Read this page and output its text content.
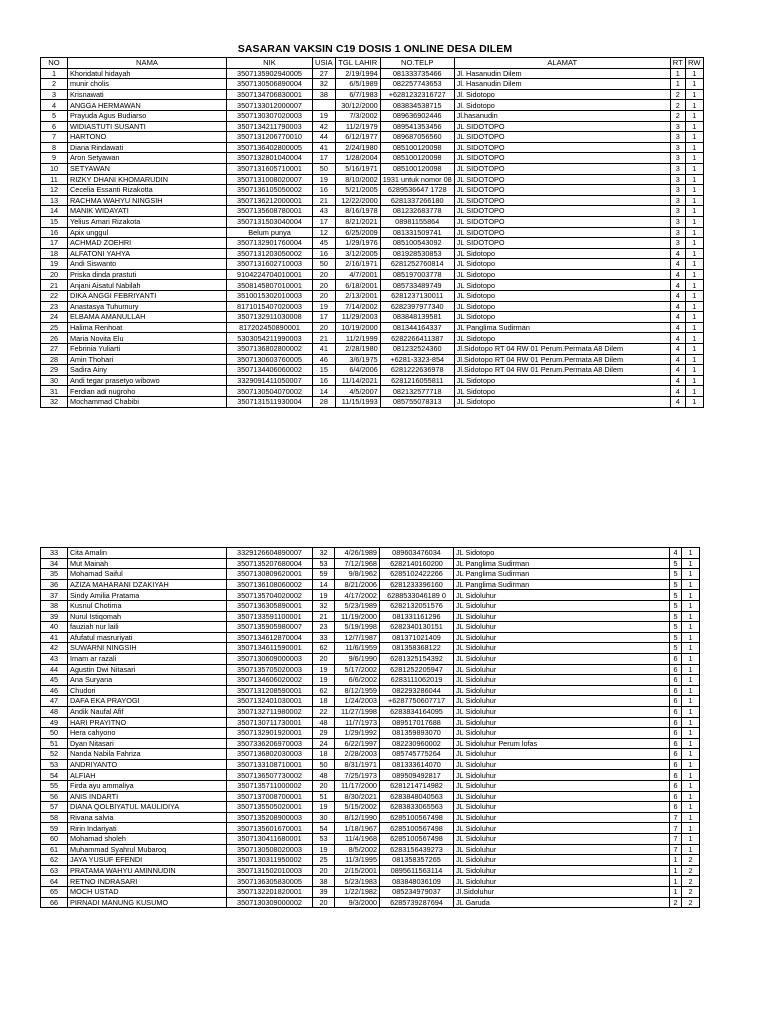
SASARAN VAKSIN C19 DOSIS 1 ONLINE DESA DILEM
NO	NAMA	NIK	USIA	TGL LAHIR	NO.TELP	ALAMAT	RT	RW
1	Khoridatul hidayah	3507135902940005	27	2/19/1994	081333735466	Jl. Hasanudin Dilem	1	1
2	munir cholis	3507130506890004	32	6/5/1989	082257743653	Jl. Hasanudin Dilem	1	1
3	Krisnawati	3507134706830001	38	6/7/1983	+6281232316727	Jl. Sidotopo	2	1
4	ANGGA HERMAWAN	3507133012000007		30/12/2000	083834538715	Jl. Sidotopo	2	1
5	Prayuda Agus Budiarso	3507130307020003	19	7/3/2002	089636902446	Jl.hasanudin	2	1
6	WIDIASTUTI SUSANTI	3507134211790003	42	11/2/1979	089541353456	JL SIDOTOPO	3	1
7	HARTONO	3507131206770010	44	6/12/1977	089687056560	JL SIDOTOPO	3	1
8	Diana Rindawati	3507136402800005	41	2/24/1980	085100120098	JL SIDOTOPO	3	1
9	Aron Setyawan	3507132801040004	17	1/28/2004	085100120098	JL SIDOTOPO	3	1
10	SETYAWAN	3507131605710001	50	5/16/1971	085100120098	JL SIDOTOPO	3	1
11	RIZKY DHANI KHOMARUDIN	3507131008020007	19	8/10/2002	1931 untuk nomor 08	JL SIDOTOPO	3	1
12	Cecelia Essanti Rizakotta	3507136105050002	16	5/21/2005	6289536647 1728	JL SIDOTOPO	3	1
13	RACHMA WAHYU NINGSIH	3507136212000001	21	12/22/2000	6281337266180	JL SIDOTOPO	3	1
14	MANIK WIDAYATI	3507135608780001	43	8/16/1978	081232683778	JL SIDOTOPO	3	1
15	Yelius Amari Rizakota	3507131503040004	17	8/21/2021	08981155864	JL SIDOTOPO	3	1
16	Apix unggul	Belum punya	12	6/25/2009	081331509741	JL SIDOTOPO	3	1
17	ACHMAD ZOEHRI	3507132901760004	45	1/29/1976	085100543092	JL SIDOTOPO	3	1
18	ALFATONI YAHYA	3507131203050002	16	3/12/2005	081928530853	JL Sidotopo	4	1
19	Andi Siswanto	3507131602710003	50	2/16/1971	6281252760814	JL Sidotopo	4	1
20	Priska dinda prastuti	9104224704010001	20	4/7/2001	085197003778	JL Sidotopo	4	1
21	Anjani Aisatul Nabilah	3508145807010001	20	6/18/2001	085733489749	JL Sidotopo	4	1
22	DIKA ANGGI FEBRIYANTI	3510015302010003	20	2/13/2001	6281237130011	JL Sidotopo	4	1
23	Anastasya Tuhumury	8171015407020003	19	7/14/2002	6282397977340	JL Sidotopo	4	1
24	ELBAMA AMANULLAH	3507132911030008	17	11/29/2003	083848139581	JL Sidotopo	4	1
25	Halima Renhoat	817202450890001	20	10/19/2000	081344164337	JL Panglima Sudirman	4	1
26	Maria Novita Elu	5303054211990003	21	11/2/1999	6282266411387	JL Sidotopo	4	1
27	Febrinia Yuliarti	3507136802800002	41	2/28/1980	081232524360	Jl.Sidotopo RT 04 RW 01 Perum.Permata A8 Dilem	4	1
28	Amin Thohari	3507130603760005	46	3/6/1975	+6281-3323-854	Jl.Sidotopo RT 04 RW 01 Perum.Permata A8 Dilem	4	1
29	Sadira Ainy	3507134406060002	15	6/4/2006	6281222636978	Jl.Sidotopo RT 04 RW 01 Perum.Permata A8 Dilem	4	1
30	Andi tegar prasetyo wibowo	3329091411050007	16	11/14/2021	6281216055811	JL Sidotopo	4	1
31	Ferdian adi nugroho	3507130504070002	14	4/5/2007	082132577718	JL Sidotopo	4	1
32	Mochammad Chabibi	3507131511930004	28	11/15/1993	085755078313	JL Sidotopo	4	1
33	Cita Amalin	3329126604890007	32	4/26/1989	089603476034	JL Sidotopo	4	1
34	Mut Mainah	3507135207680004	53	7/12/1968	6282140160200	JL Panglima Sudirman	5	1
35	Mohamad Saiful	3507130809620001	59	9/8/1962	6285102422266	JL Panglima Sudirman	5	1
36	AZIZA MAHARANI DZAKIYAH	3507136108060002	14	8/21/2006	6281233396160	JL Panglima Sudirman	5	1
37	Sindy Amilia Pratama	3507135704020002	19	4/17/2002	6288533046189 0	JL Sidoluhur	5	1
38	Kusnul Chotima	3507136305890001	32	5/23/1989	6282132051576	JL Sidoluhur	5	1
39	Nurul Istiqomah	3507133591100001	21	11/19/2000	081331161296	JL Sidoluhur	5	1
40	fauziah nur laili	3507135905980007	23	5/19/1998	6282340130151	JL Sidoluhur	5	1
41	Afufatul masruriyati	3507134612870004	33	12/7/1987	081371021409	JL Sidoluhur	5	1
42	SUWARNI NINGSIH	3507134611590001	62	11/6/1959	081358368122	JL Sidoluhur	5	1
43	Imam ar razali	3507130609000003	20	9/6/1990	6281325154392	JL Sidoluhur	6	1
44	Agustin Dwi Nitasari	3507135705020003	19	5/17/2002	6281252205947	JL Sidoluhur	6	1
45	Ana Suryana	3507134606020002	19	6/6/2002	6283111062019	JL Sidoluhur	6	1
46	Chudori	3507131208590001	62	8/12/1959	082293286044	JL Sidoluhur	6	1
47	DAFA EKA PRAYOGI	3507132401030001	18	1/24/2003	+6287750607717	JL Sidoluhur	6	1
48	Andik Naufal Afif	3507132711980002	22	11/27/1998	6283834164095	JL Sidoluhur	6	1
49	HARI PRAYITNO	3507130711730001	48	11/7/1973	089517017688	JL Sidoluhur	6	1
50	Hera cahyono	3507132901920001	29	1/29/1992	081359893070	JL Sidoluhur	6	1
51	Dyan Nitasari	3507336206970003	24	6/22/1997	082230960002	JL Sidoluhur Perum lofas	6	1
52	Nanda Nabila Fahriza	3507136802030003	18	2/28/2003	085745775264	JL Sidoluhur	6	1
53	ANDRIYANTO	3507133108710001	50	8/31/1971	081333614070	JL Sidoluhur	6	1
54	ALFIAH	3507136507730002	48	7/25/1973	089509492817	JL Sidoluhur	6	1
55	Firda ayu ammaliya	3507135711000002	20	11/17/2000	6281214714982	JL Sidoluhur	6	1
56	ANIS INDARTI	3507137008700001	51	8/30/2021	6283848040563	JL Sidoluhur	6	1
57	DIANA QOLBIYATUL MAULIDIYA	3507135505020001	19	5/15/2002	6283833065563	JL Sidoluhur	6	1
58	Rivana salvia	3507135208900003	30	8/12/1990	6285100567498	JL Sidoluhur	7	1
59	Ririn Indariyati	3507135601670001	54	1/18/1967	6285100567498	JL Sidoluhur	7	1
60	Mohamad sholeh	3507130411680001	53	11/4/1968	6285100567498	JL Sidoluhur	7	1
61	Muhammad Syahrul Mubaroq	3507130508020003	19	8/5/2002	6283156439273	JL Sidoluhur	7	1
62	JAYA YUSUF EFENDI	3507130311950002	25	11/3/1995	081358357265	JL Sidoluhur	1	2
63	PRATAMA WAHYU AMINNUDIN	3507131502010003	20	2/15/2001	0895611563114	JL Sidoluhur	1	2
64	RETNO INDRASARI	3507136305830005	38	5/23/1983	083848036109	JL Sidoluhur	1	2
65	MOCH USTAD	3507132201820001	39	1/22/1982	085234979037	Jl.Sidoluhur	1	2
66	PIRNADI MANUNG KUSUMO	3507130309000002	20	9/3/2000	6285739287694	JL Garuda	2	2
